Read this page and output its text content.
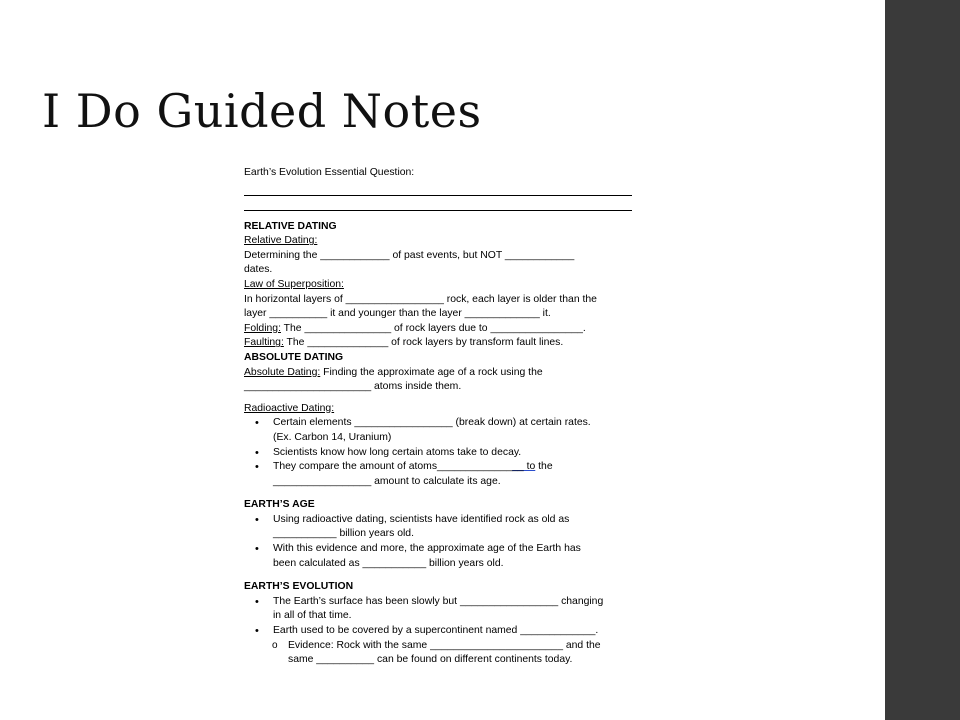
I Do Guided Notes
Earth’s Evolution Essential Question:
RELATIVE DATING
Relative Dating:
Determining the ____________ of past events, but NOT ____________
dates.
Law of Superposition:
In horizontal layers of _________________ rock, each layer is older than the
layer __________ it and younger than the layer _____________ it.
Folding: The _______________ of rock layers due to ________________.
Faulting: The ______________ of rock layers by transform fault lines.
ABSOLUTE DATING
Absolute Dating: Finding the approximate age of a rock using the
______________________ atoms inside them.
Radioactive Dating:
• Certain elements _________________ (break down) at certain rates.
(Ex. Carbon 14, Uranium)
• Scientists know how long certain atoms take to decay.
• They compare the amount of atoms_______________ to the
_________________ amount to calculate its age.
EARTH’S AGE
• Using radioactive dating, scientists have identified rock as old as
___________ billion years old.
• With this evidence and more, the approximate age of the Earth has
been calculated as ___________ billion years old.
EARTH’S EVOLUTION
• The Earth’s surface has been slowly but _________________ changing
in all of that time.
• Earth used to be covered by a supercontinent named _____________.
o Evidence: Rock with the same _______________________ and the
same __________ can be found on different continents today.
